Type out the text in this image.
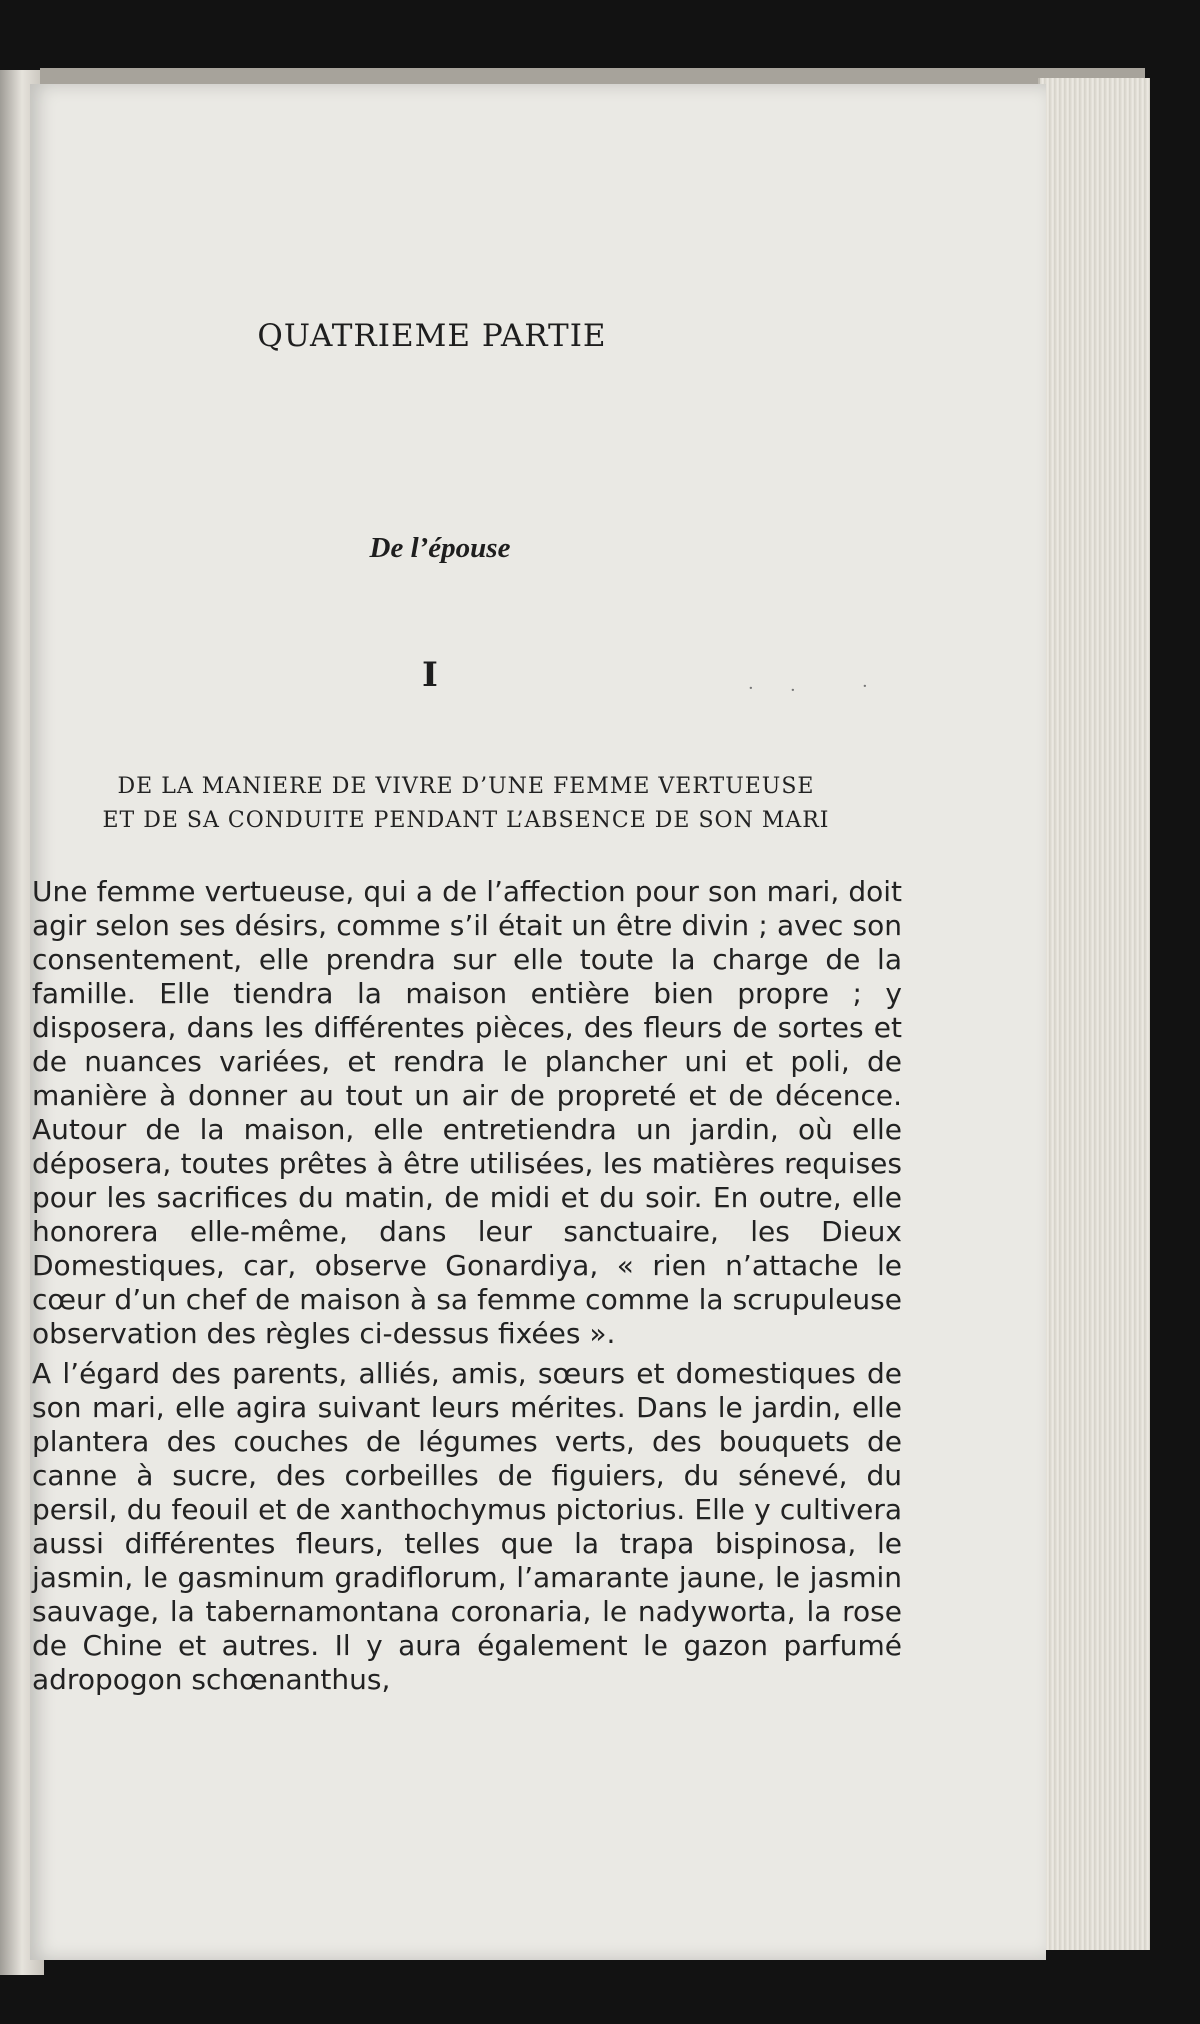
QUATRIEME PARTIE
De l’épouse
I
DE LA MANIERE DE VIVRE D’UNE FEMME VERTUEUSE
ET DE SA CONDUITE PENDANT L’ABSENCE DE SON MARI

Une femme vertueuse, qui a de l’affection pour son mari, doit agir selon ses désirs, comme s’il était un être divin ; avec son consentement, elle prendra sur elle toute la charge de la famille. Elle tiendra la maison entière bien propre ; y disposera, dans les différentes pièces, des fleurs de sortes et de nuances variées, et rendra le plancher uni et poli, de manière à donner au tout un air de propreté et de décence. Autour de la maison, elle entretiendra un jardin, où elle déposera, toutes prêtes à être utilisées, les matières requises pour les sacrifices du matin, de midi et du soir. En outre, elle honorera elle-même, dans leur sanctuaire, les Dieux Domestiques, car, observe Gonardiya, « rien n’attache le cœur d’un chef de maison à sa femme comme la scrupuleuse observation des règles ci-dessus fixées ».

A l’égard des parents, alliés, amis, sœurs et domestiques de son mari, elle agira suivant leurs mérites. Dans le jardin, elle plantera des couches de légumes verts, des bouquets de canne à sucre, des corbeilles de figuiers, du sénevé, du persil, du feouil et de xanthochymus pictorius. Elle y cultivera aussi différentes fleurs, telles que la trapa bispinosa, le jasmin, le gasminum gradiflorum, l’amarante jaune, le jasmin sauvage, la tabernamontana coronaria, le nadyworta, la rose de Chine et autres. Il y aura également le gazon parfumé adropogon schœnanthus,

· ·	·
